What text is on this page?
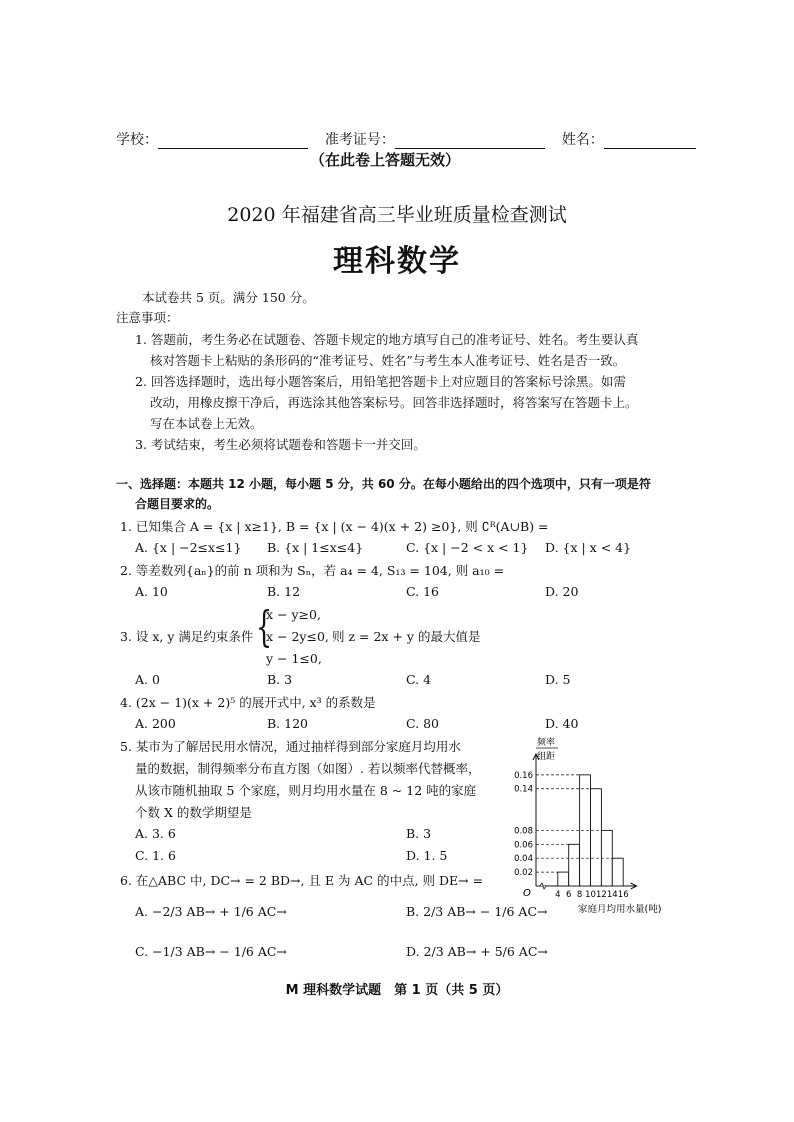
学校：	准考证号：	姓名：
（在此卷上答题无效）
2020 年福建省高三毕业班质量检查测试
理科数学
本试卷共 5 页。满分 150 分。
注意事项：
1. 答题前，考生务必在试题卷、答题卡规定的地方填写自己的准考证号、姓名。考生要认真
核对答题卡上粘贴的条形码的“准考证号、姓名”与考生本人准考证号、姓名是否一致。
2. 回答选择题时，选出每小题答案后，用铅笔把答题卡上对应题目的答案标号涂黑。如需
改动，用橡皮擦干净后，再选涂其他答案标号。回答非选择题时，将答案写在答题卡上。
写在本试卷上无效。
3. 考试结束，考生必须将试题卷和答题卡一并交回。
一、选择题：本题共 12 小题，每小题 5 分，共 60 分。在每小题给出的四个选项中，只有一项是符
合题目要求的。
1. 已知集合 A = {x | x≥1}, B = {x | (x − 4)(x + 2) ≥0}, 则 ∁ᴿ(A∪B) =
A. {x | −2≤x≤1} B. {x | 1≤x≤4}	C. {x | −2 < x < 1} D. {x | x < 4}
2. 等差数列{aₙ}的前 n 项和为 Sₙ，若 a₄ = 4, S₁₃ = 104, 则 a₁₀ =
A. 10	B. 12	C. 16	D. 20
3. 设 x, y 满足约束条件 {
x − y≥0,
x − 2y≤0,
y − 1≤0,
则 z = 2x + y 的最大值是
A. 0	B. 3	C. 4	D. 5
4. (2x − 1)(x + 2)⁵ 的展开式中, x³ 的系数是
A. 200	B. 120	C. 80	D. 40
5. 某市为了解居民用水情况，通过抽样得到部分家庭月均用水
量的数据，制得频率分布直方图（如图）. 若以频率代替概率，
从该市随机抽取 5 个家庭，则月均用水量在 8 ~ 12 吨的家庭
个数 X 的数学期望是
A. 3. 6	B. 3
C. 1. 6	D. 1. 5
频率
组距
O
家庭月均用水量(吨)
0.16
0.14
0.08
0.06
0.04
0.02
4 6 8 10 12 14 16
6. 在△ABC 中, DC→ = 2 BD→, 且 E 为 AC 的中点, 则 DE→ =
A. −2/3 AB→ + 1/6 AC→	B. 2/3 AB→ − 1/6 AC→
C. −1/3 AB→ − 1/6 AC→	D. 2/3 AB→ + 5/6 AC→
M 理科数学试题　第 1 页（共 5 页）
